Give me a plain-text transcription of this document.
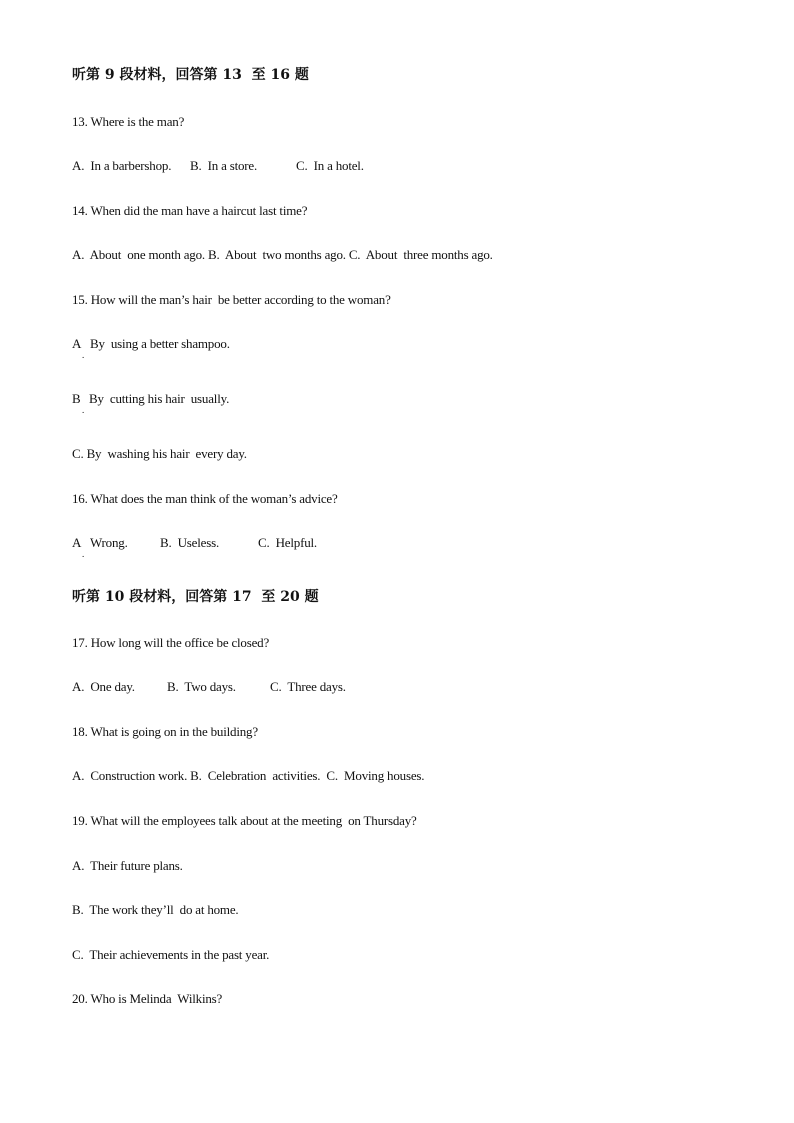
听第 9 段材料，回答第 13  至 16 题
13. Where is the man?

A.  In a barbershop.

B.  In a store.

	C.  In a hotel.

14. When did the man have a haircut last time?
A.  About  one month ago. B.  About  two months ago. C.  About  three months ago.
15. How will the man’s hair  be better according to the woman?

A

By  using a better shampoo.

.

B

By  cutting his hair  usually.

.
C. By  washing his hair  every day.
16. What does the man think of the woman’s advice?

A

Wrong.

B.  Useless.

	C.  Helpful.

.
听第 10 段材料，回答第 17  至 20 题
17. How long will the office be closed?

A.  One day.

B.  Two days.

	C.  Three days.

18. What is going on in the building?
A.  Construction work. B.  Celebration  activities.  C.  Moving houses.
19. What will the employees talk about at the meeting  on Thursday?
A.  Their future plans.
B.  The work they’ll  do at home.
C.  Their achievements in the past year.
20. Who is Melinda  Wilkins?
